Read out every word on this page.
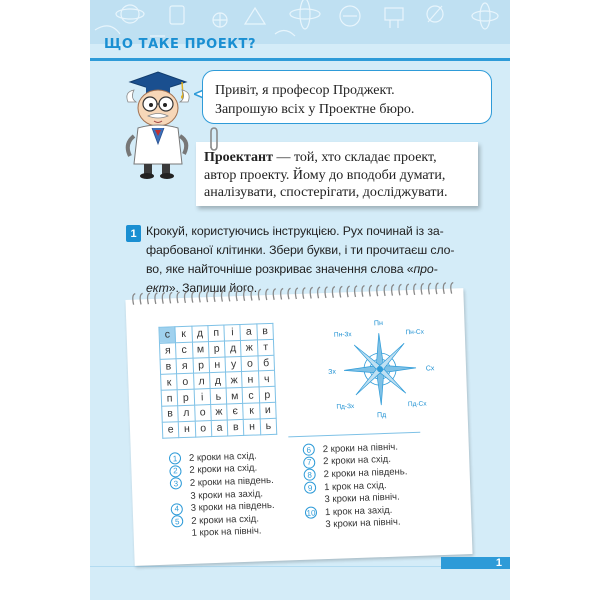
ЩО ТАКЕ ПРОЕКТ?
Привіт, я професор Проджект.
Запрошую всіх у Проектне бюро.
Проектант — той, хто складає проект,
автор проекту. Йому до вподоби думати,
аналізувати, спостерігати, досліджувати.
1 Крокуй, користуючись інструкцією. Рух починай із за-
фарбованої клітинки. Збери букви, і ти прочитаєш сло-
во, яке найточніше розкриває значення слова «про-
ект». Запиши його.
с	к	д	п	і	а	в
я	с	м	р	д	ж	т
в	я	р	н	у	о	б
к	о	л	д	ж	н	ч
п	р	і	ь	м	с	р
в	л	о	ж	є	к	и
е	н	о	а	в	н	ь
Пн
Пд
Сх
Зх
Пн-Зх	Пн-Сх
Пд-Зх	Пд-Сх
1	2 кроки на схід.
2	2 кроки на схід.
3	2 кроки на південь.
3 кроки на захід.
4	3 кроки на південь.
5	2 кроки на схід.
1 крок на північ.
6	2 кроки на північ.
7	2 кроки на схід.
8	2 кроки на південь.
9	1 крок на схід.
3 кроки на північ.
10 1 крок на захід.
3 кроки на північ.
1
